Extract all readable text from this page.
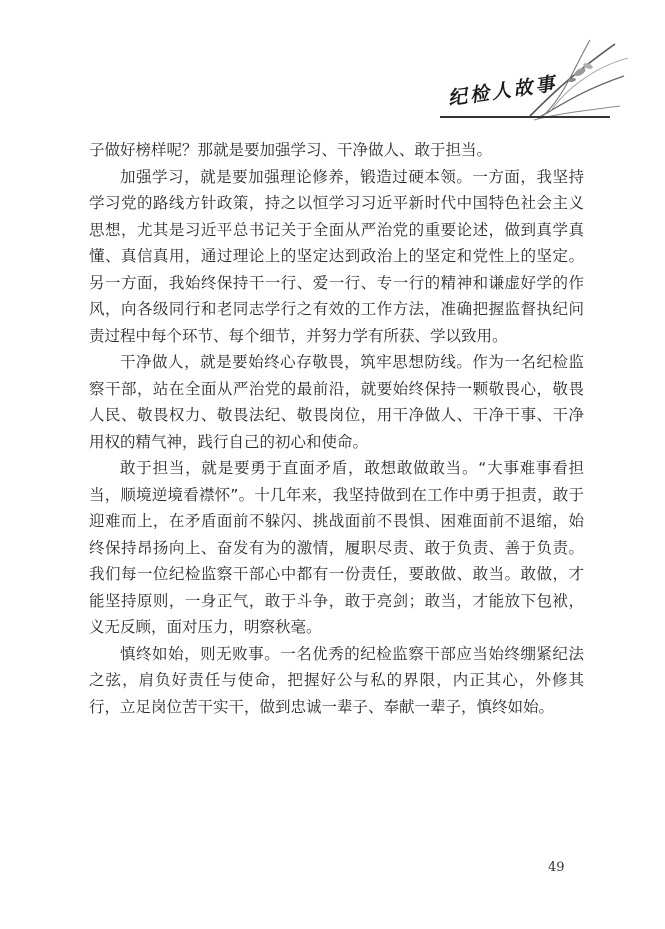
纪检人故事

子做好榜样呢？那就是要加强学习、干净做人、敢于担当。

加强学习，就是要加强理论修养，锻造过硬本领。一方面，我坚持学习党的路线方针政策，持之以恒学习习近平新时代中国特色社会主义思想，尤其是习近平总书记关于全面从严治党的重要论述，做到真学真懂、真信真用，通过理论上的坚定达到政治上的坚定和党性上的坚定。另一方面，我始终保持干一行、爱一行、专一行的精神和谦虚好学的作风，向各级同行和老同志学行之有效的工作方法，准确把握监督执纪问责过程中每个环节、每个细节，并努力学有所获、学以致用。

干净做人，就是要始终心存敬畏，筑牢思想防线。作为一名纪检监察干部，站在全面从严治党的最前沿，就要始终保持一颗敬畏心，敬畏人民、敬畏权力、敬畏法纪、敬畏岗位，用干净做人、干净干事、干净用权的精气神，践行自己的初心和使命。

敢于担当，就是要勇于直面矛盾，敢想敢做敢当。“大事难事看担当，顺境逆境看襟怀”。十几年来，我坚持做到在工作中勇于担责，敢于迎难而上，在矛盾面前不躲闪、挑战面前不畏惧、困难面前不退缩，始终保持昂扬向上、奋发有为的激情，履职尽责、敢于负责、善于负责。我们每一位纪检监察干部心中都有一份责任，要敢做、敢当。敢做，才能坚持原则，一身正气，敢于斗争，敢于亮剑；敢当，才能放下包袱，义无反顾，面对压力，明察秋毫。

慎终如始，则无败事。一名优秀的纪检监察干部应当始终绷紧纪法之弦，肩负好责任与使命，把握好公与私的界限，内正其心，外修其行，立足岗位苦干实干，做到忠诚一辈子、奉献一辈子，慎终如始。

49
